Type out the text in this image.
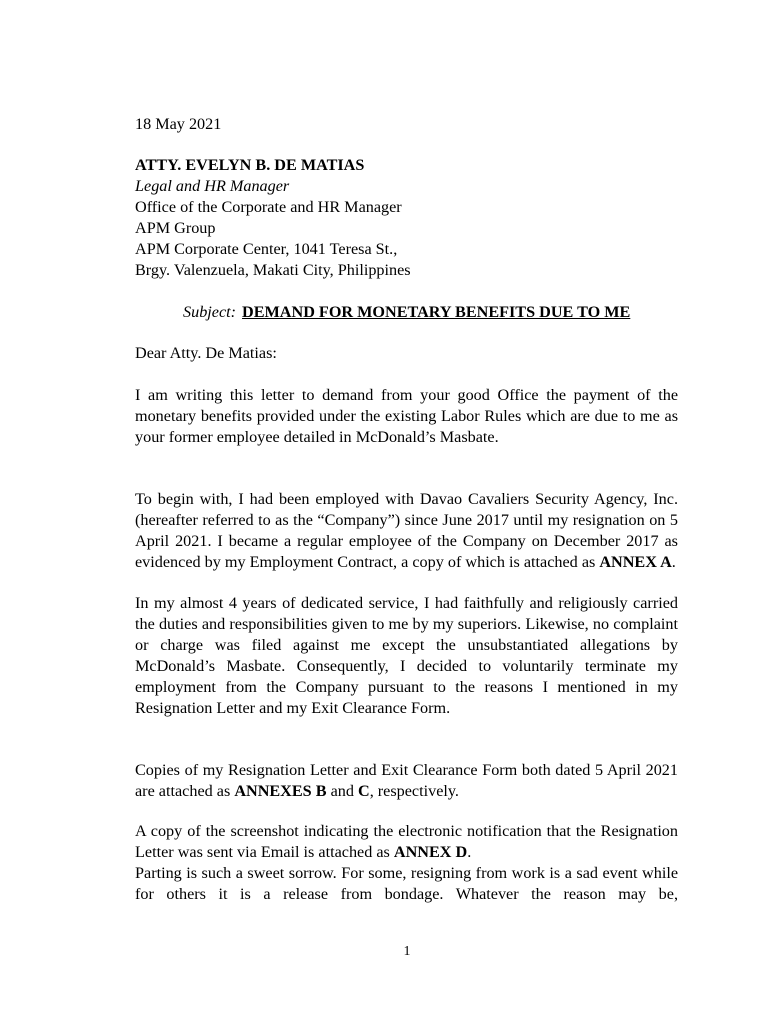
18 May 2021

ATTY. EVELYN B. DE MATIAS
Legal and HR Manager
Office of the Corporate and HR Manager
APM Group
APM Corporate Center, 1041 Teresa St.,
Brgy. Valenzuela, Makati City, Philippines
Subject: DEMAND FOR MONETARY BENEFITS DUE TO ME

Dear Atty. De Matias:

I am writing this letter to demand from your good Office the payment of the monetary benefits provided under the existing Labor Rules which are due to me as your former employee detailed in McDonald’s Masbate.

To begin with, I had been employed with Davao Cavaliers Security Agency, Inc. (hereafter referred to as the “Company”) since June 2017 until my resignation on 5 April 2021. I became a regular employee of the Company on December 2017 as evidenced by my Employment Contract, a copy of which is attached as ANNEX A.

In my almost 4 years of dedicated service, I had faithfully and religiously carried the duties and responsibilities given to me by my superiors. Likewise, no complaint or charge was filed against me except the unsubstantiated allegations by McDonald’s Masbate. Consequently, I decided to voluntarily terminate my employment from the Company pursuant to the reasons I mentioned in my Resignation Letter and my Exit Clearance Form.

Copies of my Resignation Letter and Exit Clearance Form both dated 5 April 2021 are attached as ANNEXES B and C, respectively.

A copy of the screenshot indicating the electronic notification that the Resignation Letter was sent via Email is attached as ANNEX D.

Parting is such a sweet sorrow. For some, resigning from work is a sad event while for others it is a release from bondage. Whatever the reason may be,

1
